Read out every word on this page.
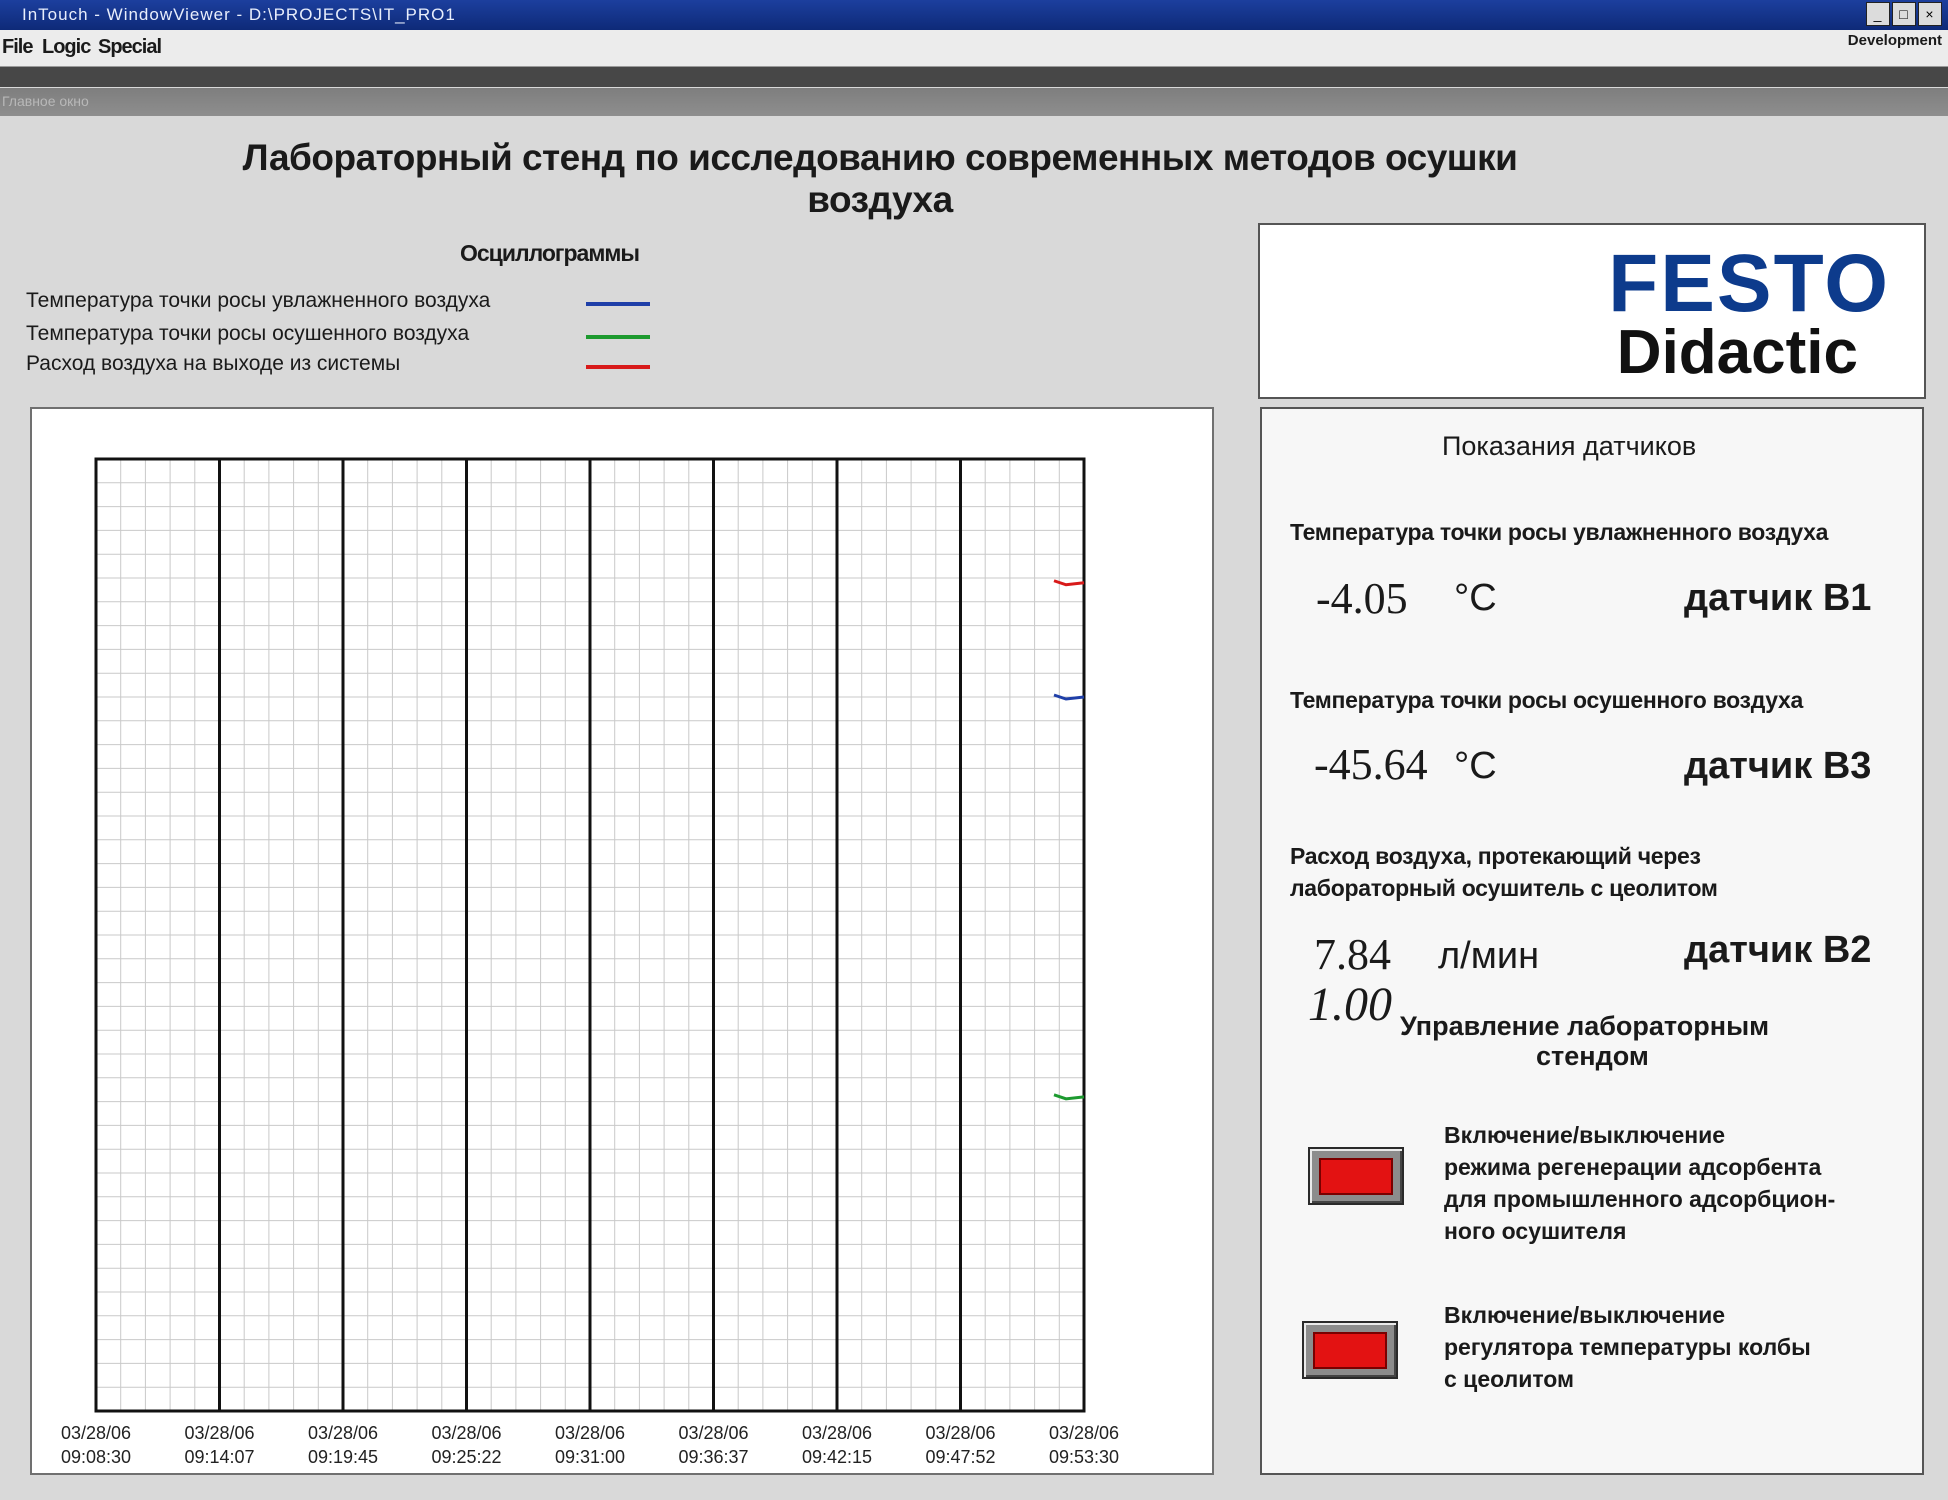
InTouch - WindowViewer - D:\PROJECTS\IT_PRO1	_	□	×
File Logic Special	Development
Главное окно
Лабораторный стенд по исследованию современных методов осушки воздуха
Осциллограммы
Температура точки росы увлажненного воздуха
Температура точки росы осушенного воздуха
Расход воздуха на выходе из системы
03/28/06
09:08:30
03/28/06
09:14:07
03/28/06
09:19:45
03/28/06
09:25:22
03/28/06
09:31:00
03/28/06
09:36:37
03/28/06
09:42:15
03/28/06
09:47:52
03/28/06
09:53:30
FESTO
Didactic
Показания датчиков
Температура точки росы увлажненного воздуха
-4.05 °C	датчик B1
Температура точки росы осушенного воздуха
-45.64 °C	датчик B3
Расход воздуха, протекающий через
лабораторный осушитель с цеолитом
7.84 л/мин	датчик B2
1.00 Управление лабораторным
стендом
Включение/выключение
режима регенерации адсорбента
для промышленного адсорбцион-
ного осушителя
Включение/выключение
регулятора температуры колбы
с цеолитом
